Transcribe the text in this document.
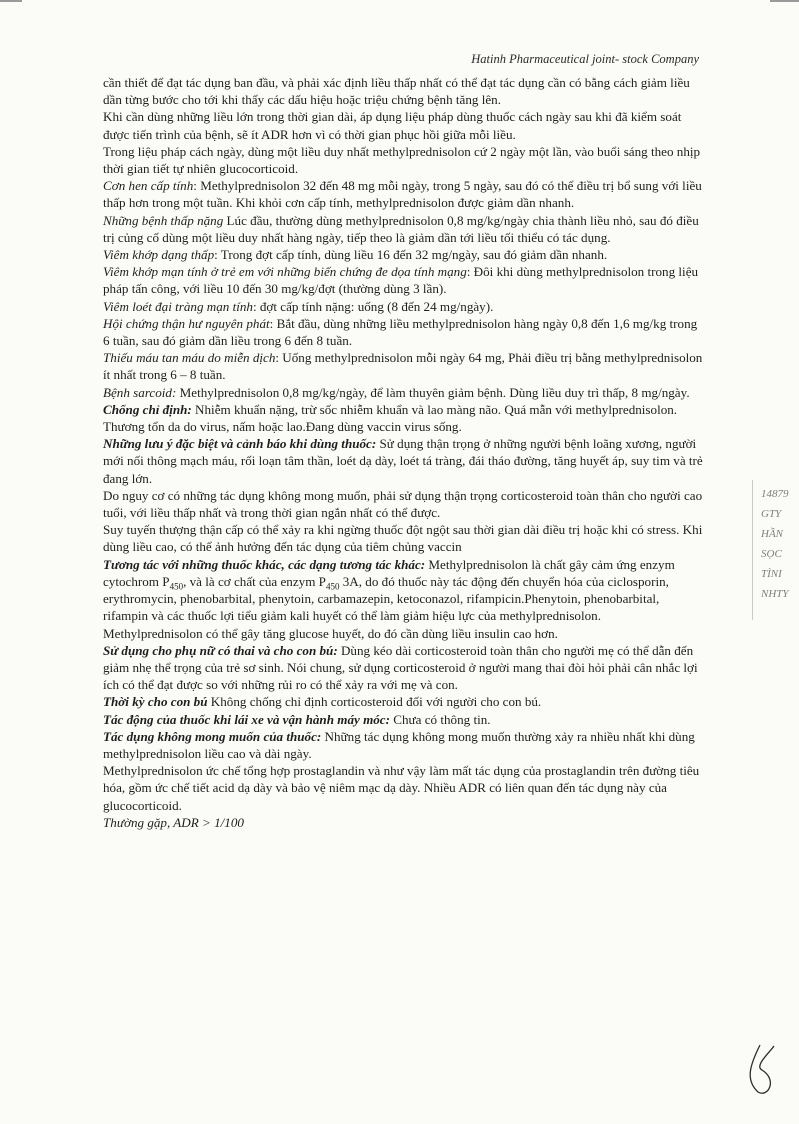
Hatinh Pharmaceutical joint- stock Company

cần thiết để đạt tác dụng ban đầu, và phải xác định liều thấp nhất có thể đạt tác dụng cần có bằng cách giảm liều dần từng bước cho tới khi thấy các dấu hiệu hoặc triệu chứng bệnh tăng lên.

Khi cần dùng những liều lớn trong thời gian dài, áp dụng liệu pháp dùng thuốc cách ngày sau khi đã kiểm soát được tiến trình của bệnh, sẽ ít ADR hơn vì có thời gian phục hồi giữa mỗi liều.

Trong liệu pháp cách ngày, dùng một liều duy nhất methylprednisolon cứ 2 ngày một lần, vào buổi sáng theo nhịp thời gian tiết tự nhiên glucocorticoid.

Cơn hen cấp tính: Methylprednisolon 32 đến 48 mg mỗi ngày, trong 5 ngày, sau đó có thể điều trị bổ sung với liều thấp hơn trong một tuần. Khi khỏi cơn cấp tính, methylprednisolon được giảm dần nhanh.

Những bệnh thấp nặng Lúc đầu, thường dùng methylprednisolon 0,8 mg/kg/ngày chia thành liều nhỏ, sau đó điều trị củng cố dùng một liều duy nhất hàng ngày, tiếp theo là giảm dần tới liều tối thiểu có tác dụng.

Viêm khớp dạng thấp: Trong đợt cấp tính, dùng liều 16 đến 32 mg/ngày, sau đó giảm dần nhanh.

Viêm khớp mạn tính ở trẻ em với những biến chứng đe dọa tính mạng: Đôi khi dùng methylprednisolon trong liệu pháp tấn công, với liều 10 đến 30 mg/kg/đợt (thường dùng 3 lần).

Viêm loét đại tràng mạn tính: đợt cấp tính nặng: uống (8 đến 24 mg/ngày).

Hội chứng thận hư nguyên phát: Bắt đầu, dùng những liều methylprednisolon hàng ngày 0,8 đến 1,6 mg/kg trong 6 tuần, sau đó giảm dần liều trong 6 đến 8 tuần.

Thiếu máu tan máu do miễn dịch: Uống methylprednisolon mỗi ngày 64 mg, Phải điều trị bằng methylprednisolon ít nhất trong 6 – 8 tuần.

Bệnh sarcoid: Methylprednisolon 0,8 mg/kg/ngày, để làm thuyên giảm bệnh. Dùng liều duy trì thấp, 8 mg/ngày.

Chống chỉ định: Nhiễm khuẩn nặng, trừ sốc nhiễm khuẩn và lao màng não. Quá mẫn với methylprednisolon. Thương tổn da do virus, nấm hoặc lao.Đang dùng vaccin virus sống.

Những lưu ý đặc biệt và cảnh báo khi dùng thuốc: Sử dụng thận trọng ở những người bệnh loãng xương, người mới nối thông mạch máu, rối loạn tâm thần, loét dạ dày, loét tá tràng, đái tháo đường, tăng huyết áp, suy tim và trẻ đang lớn.

Do nguy cơ có những tác dụng không mong muốn, phải sử dụng thận trọng corticosteroid toàn thân cho người cao tuổi, với liều thấp nhất và trong thời gian ngắn nhất có thể được.

Suy tuyến thượng thận cấp có thể xảy ra khi ngừng thuốc đột ngột sau thời gian dài điều trị hoặc khi có stress. Khi dùng liều cao, có thể ảnh hưởng đến tác dụng của tiêm chủng vaccin

Tương tác với những thuốc khác, các dạng tương tác khác: Methylprednisolon là chất gây cảm ứng enzym cytochrom $P_{450}$, và là cơ chất của enzym $P_{450}$ 3A, do đó thuốc này tác động đến chuyển hóa của ciclosporin, erythromycin, phenobarbital, phenytoin, carbamazepin, ketoconazol, rifampicin.Phenytoin, phenobarbital, rifampin và các thuốc lợi tiểu giảm kali huyết có thể làm giảm hiệu lực của methylprednisolon. Methylprednisolon có thể gây tăng glucose huyết, do đó cần dùng liều insulin cao hơn.

Sử dụng cho phụ nữ có thai và cho con bú: Dùng kéo dài corticosteroid toàn thân cho người mẹ có thể dẫn đến giảm nhẹ thể trọng của trẻ sơ sinh. Nói chung, sử dụng corticosteroid ở người mang thai đòi hỏi phải cân nhắc lợi ích có thể đạt được so với những rủi ro có thể xảy ra với mẹ và con.

Thời kỳ cho con bú Không chống chỉ định corticosteroid đối với người cho con bú.

Tác động của thuốc khi lái xe và vận hành máy móc: Chưa có thông tin.

Tác dụng không mong muốn của thuốc: Những tác dụng không mong muốn thường xảy ra nhiều nhất khi dùng methylprednisolon liều cao và dài ngày.

Methylprednisolon ức chế tổng hợp prostaglandin và như vậy làm mất tác dụng của prostaglandin trên đường tiêu hóa, gồm ức chế tiết acid dạ dày và bảo vệ niêm mạc dạ dày. Nhiều ADR có liên quan đến tác dụng này của glucocorticoid.

Thường gặp, ADR > 1/100

14879
GTY
HẦN
SỌC
TÌNI
NHTY
